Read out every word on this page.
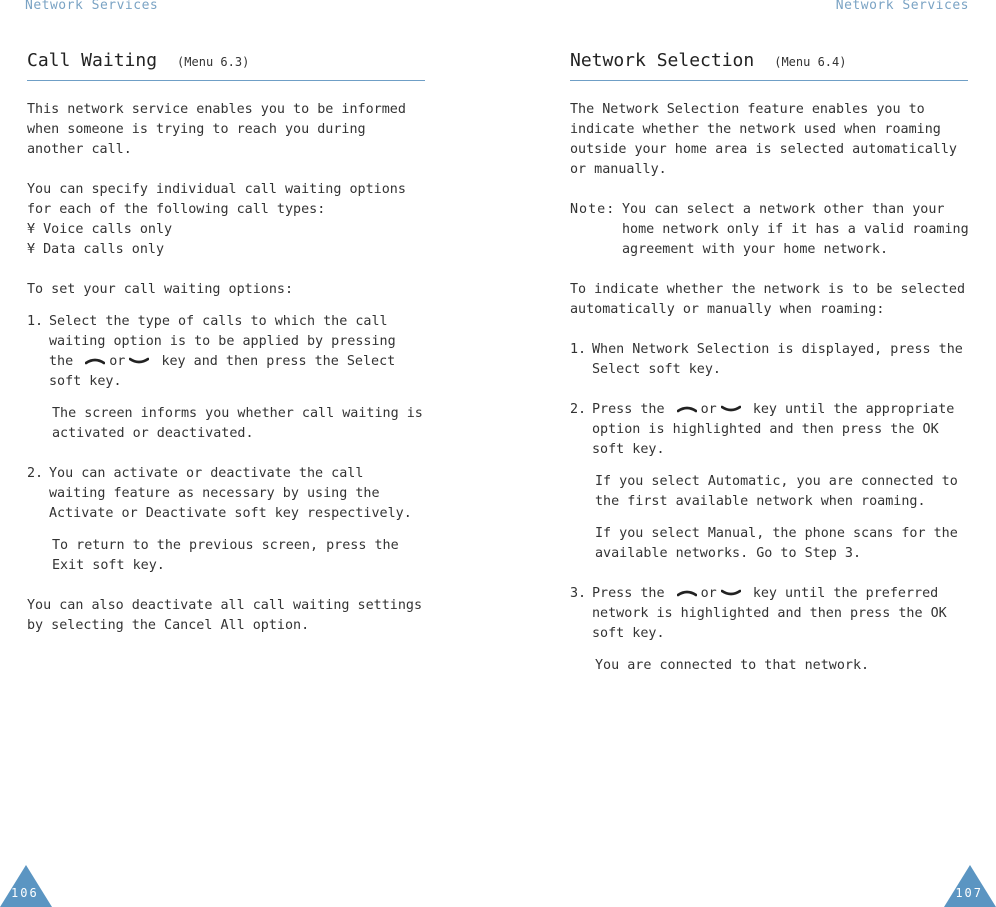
Network Services
Call Waiting (Menu 6.3)

This network service enables you to be informed when someone is trying to reach you during another call.

You can specify individual call waiting options for each of the following call types:

¥ Voice calls only

¥ Data calls only

To set your call waiting options:

1. Select the type of calls to which the call waiting option is to be applied by pressing the	or	key and then press the Select soft key.

The screen informs you whether call waiting is activated or deactivated.

2. You can activate or deactivate the call waiting feature as necessary by using the Activate or Deactivate soft key respectively.

To return to the previous screen, press the Exit soft key.

You can also deactivate all call waiting settings by selecting the Cancel All option.

106
Network Services
Network Selection (Menu 6.4)

The Network Selection feature enables you to indicate whether the network used when roaming outside your home area is selected automatically or manually.

Note: You can select a network other than your home network only if it has a valid roaming agreement with your home network.

To indicate whether the network is to be selected automatically or manually when roaming:

1. When Network Selection is displayed, press the Select soft key.
2. Press the	or	key until the appropriate option is highlighted and then press the OK soft key.

If you select Automatic, you are connected to the first available network when roaming.

If you select Manual, the phone scans for the available networks. Go to Step 3.

3. Press the	or	key until the preferred network is highlighted and then press the OK soft key.

You are connected to that network.

107
